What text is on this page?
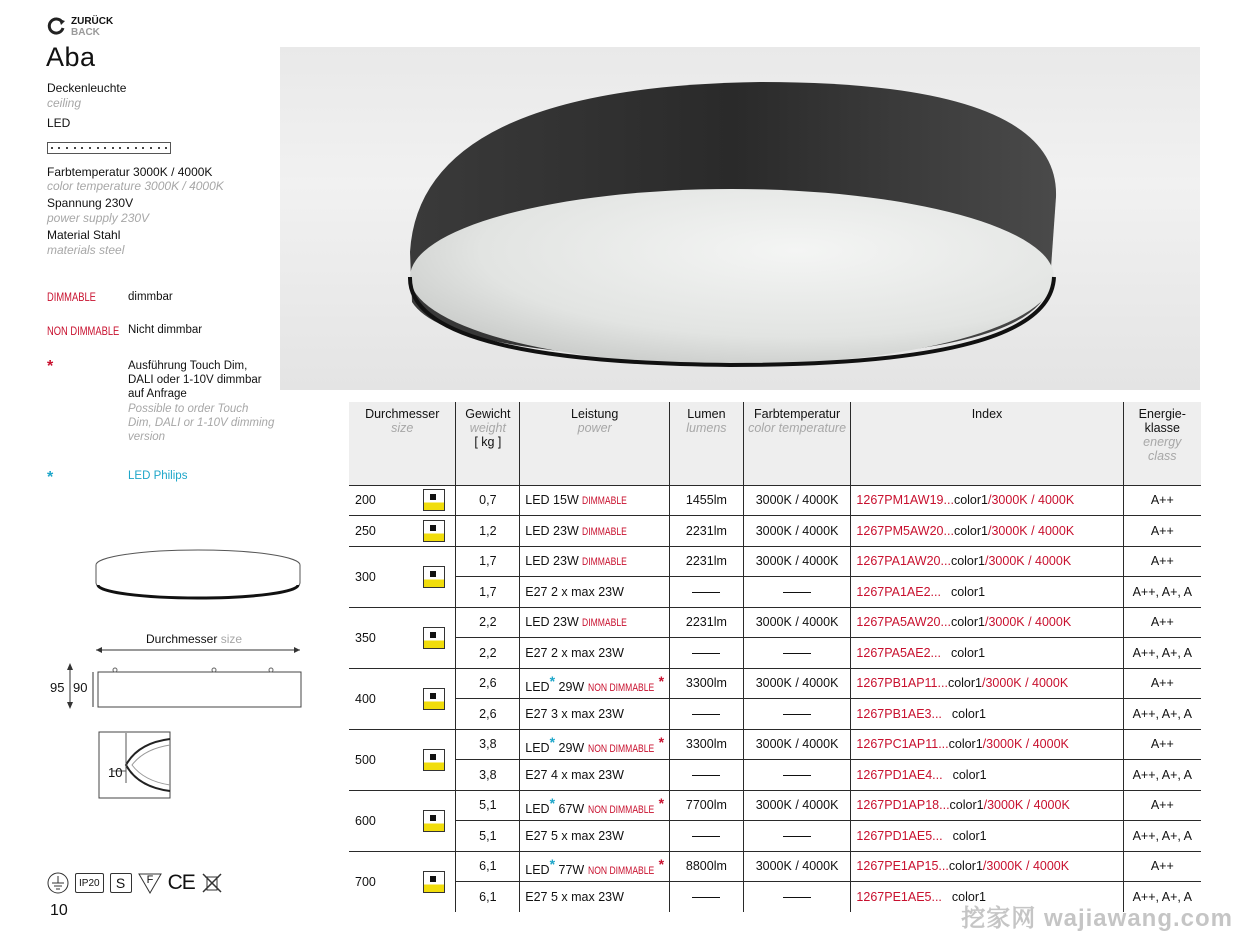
ZURÜCK
BACK
Aba
Deckenleuchte
ceiling
LED
Farbtemperatur 3000K / 4000K
color temperature 3000K / 4000K
Spannung 230V
power supply 230V
Material Stahl
materials steel
DIMMABLE	dimmbar
NON DIMMABLE Nicht dimmbar
*	Ausführung Touch Dim,
DALI oder 1-10V dimmbar
auf Anfrage
Possible to order Touch
Dim, DALI or 1-10V dimming
version
*	LED Philips
Durchmesser size
95 90
10
Durchmesser
size		Gewicht
weight
[ kg ]	Leistung
power	Lumen
lumens	Farbtemperatur
color temperature	Index	Energie-klasse
energy class

200		0,7	LED 15W DIMMABLE	1455lm	3000K / 4000K	1267PM1AW19...color1/3000K / 4000K	A++
250		1,2	LED 23W DIMMABLE	2231lm	3000K / 4000K	1267PM5AW20...color1/3000K / 4000K	A++
300		1,7	LED 23W DIMMABLE	2231lm	3000K / 4000K	1267PA1AW20...color1/3000K / 4000K	A++
		1,7	E27 2 x max 23W			1267PA1AE2... color1	A++, A+, A
350		2,2	LED 23W DIMMABLE	2231lm	3000K / 4000K	1267PA5AW20...color1/3000K / 4000K	A++
		2,2	E27 2 x max 23W			1267PA5AE2... color1	A++, A+, A
400		2,6	LED* 29W NON DIMMABLE *	3300lm	3000K / 4000K	1267PB1AP11...color1/3000K / 4000K	A++
		2,6	E27 3 x max 23W			1267PB1AE3... color1	A++, A+, A
500		3,8	LED* 29W NON DIMMABLE *	3300lm	3000K / 4000K	1267PC1AP11...color1/3000K / 4000K	A++
		3,8	E27 4 x max 23W			1267PD1AE4... color1	A++, A+, A
600		5,1	LED* 67W NON DIMMABLE *	7700lm	3000K / 4000K	1267PD1AP18...color1/3000K / 4000K	A++
		5,1	E27 5 x max 23W			1267PD1AE5... color1	A++, A+, A
700		6,1	LED* 77W NON DIMMABLE *	8800lm	3000K / 4000K	1267PE1AP15...color1/3000K / 4000K	A++
		6,1	E27 5 x max 23W			1267PE1AE5... color1	A++, A+, A
IP20	S	F CE
10	挖家网 wajiawang.com
